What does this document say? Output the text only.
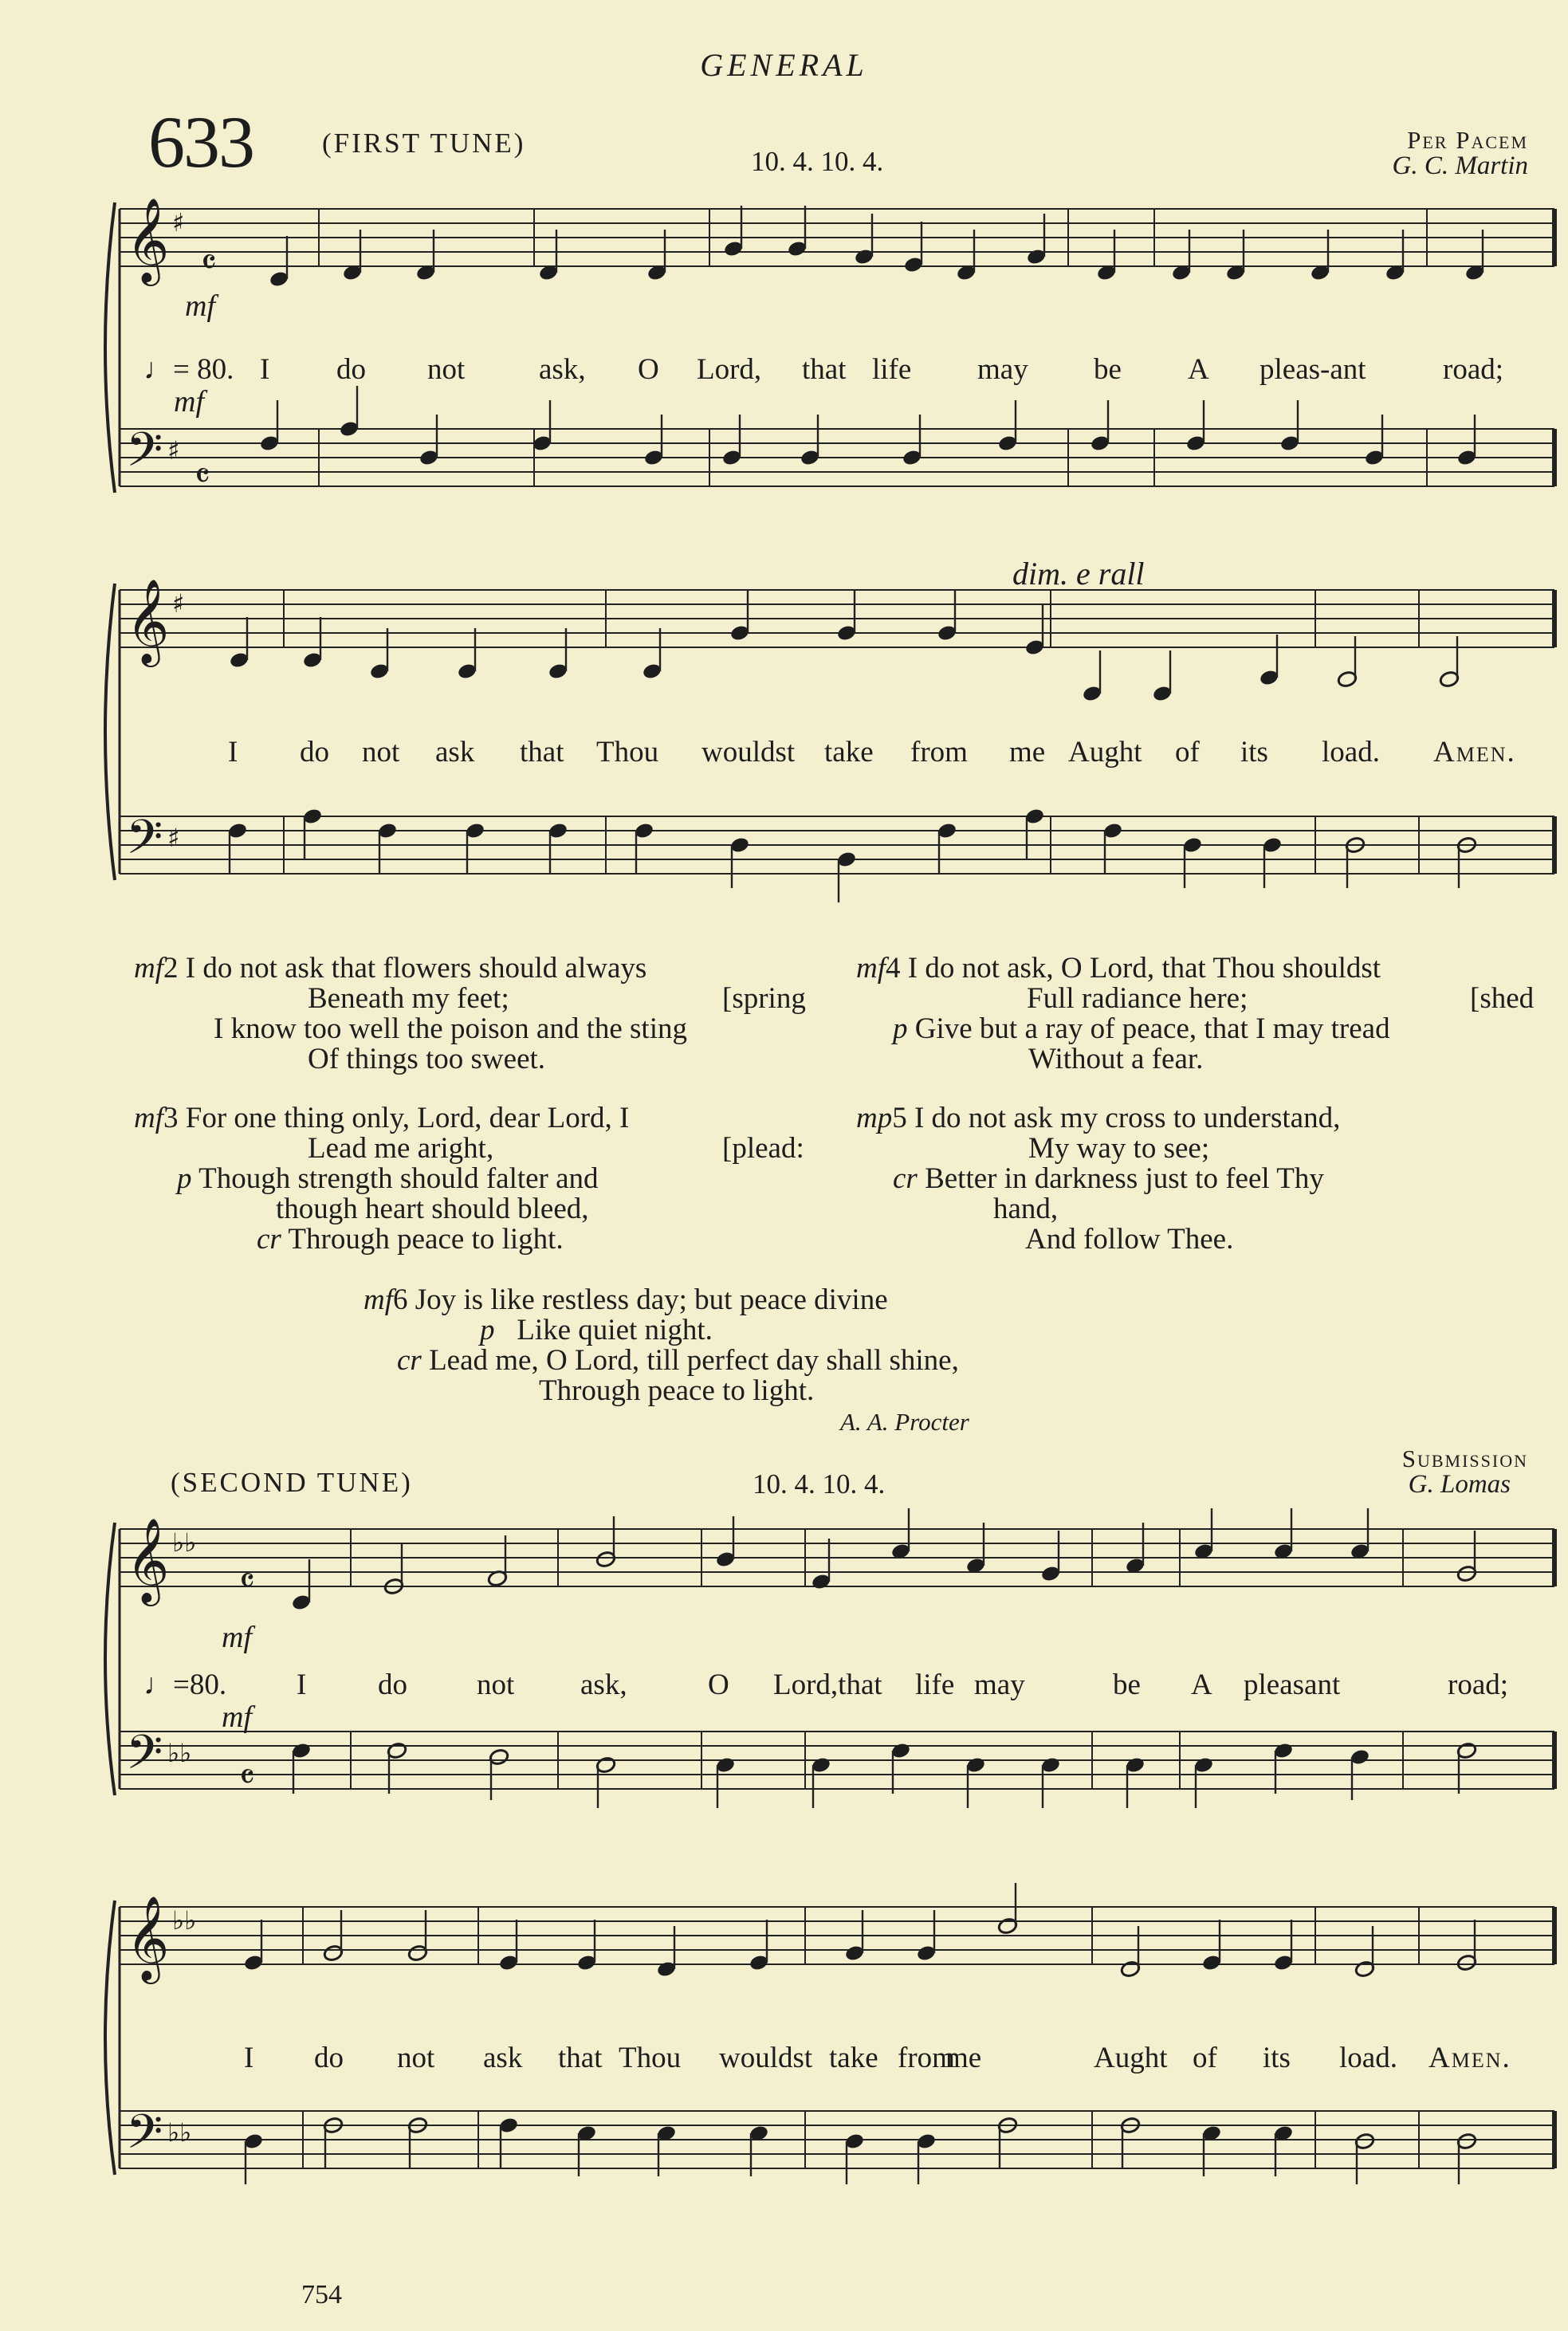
GENERAL
633 (FIRST TUNE)
10. 4. 10. 4.
Per Pacem
G. C. Martin
𝄞
𝄢
♯
♯
𝄴
𝄴
𝄞
𝄢
♯
♯
𝄞
𝄢
♭♭
♭♭
𝄴
𝄴
𝄞
𝄢
♭♭
♭♭
mf
♩= 80.
mf
dim. e rall
I do not	ask, O Lord, that life may be A pleas-ant	road;
I do not ask that Thou wouldst take from me Aught of its load. Amen.
mf2 I do not ask that flowers should always
Beneath my feet;	[spring
I know too well the poison and the sting
Of things too sweet.
mf3 For one thing only, Lord, dear Lord, I
Lead me aright,	[plead:
p Though strength should falter and
though heart should bleed,
cr Through peace to light.
mf4 I do not ask, O Lord, that Thou shouldst
Full radiance here;	[shed
p Give but a ray of peace, that I may tread
Without a fear.
mp5 I do not ask my cross to understand,
My way to see;
cr Better in darkness just to feel Thy
hand,
And follow Thee.
mf6 Joy is like restless day; but peace divine
p Like quiet night.
cr Lead me, O Lord, till perfect day shall shine,
Through peace to light.
A. A. Procter
(SECOND TUNE)	10. 4. 10. 4.
Submission
G. Lomas
mf
♩=80.
mf
I do not ask,	O Lord,that life may	be A pleasant	road;
I do not ask that Thou wouldst take from
me	Aught of its load. Amen.
754
